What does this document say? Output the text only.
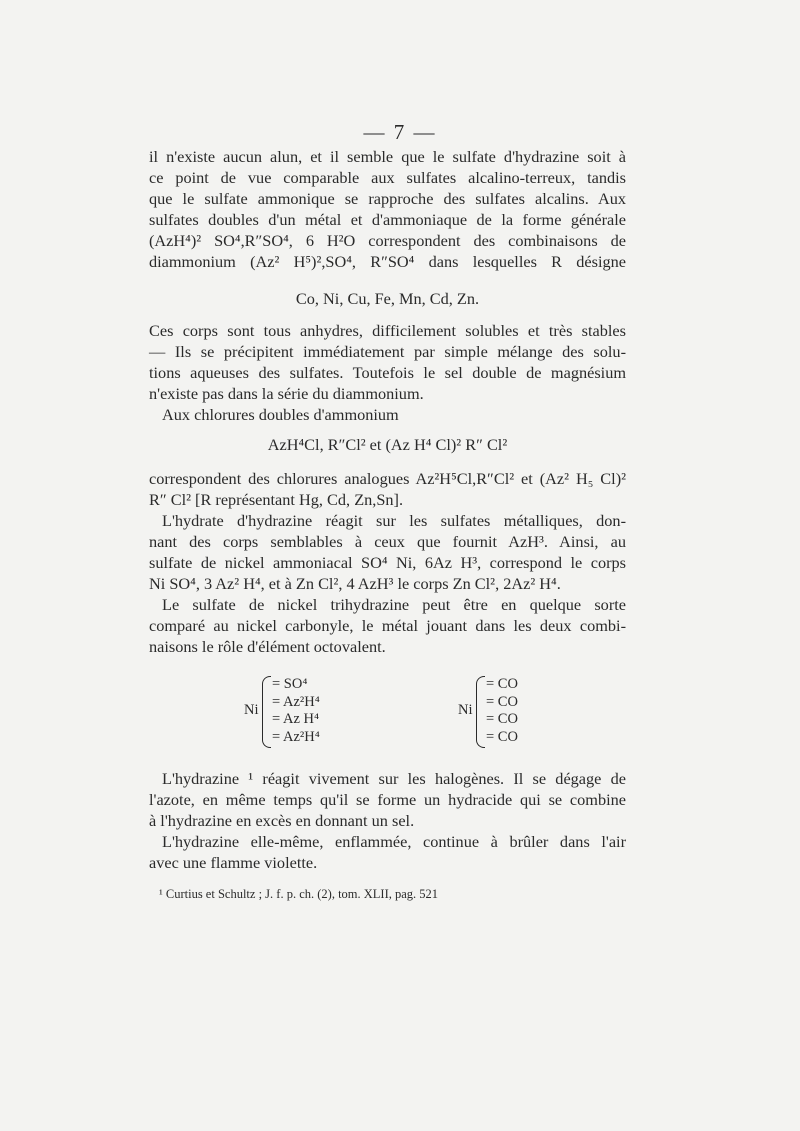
— 7 —
il n'existe aucun alun, et il semble que le sulfate d'hydrazine soit à
ce point de vue comparable aux sulfates alcalino-terreux, tandis
que le sulfate ammonique se rapproche des sulfates alcalins. Aux
sulfates doubles d'un métal et d'ammoniaque de la forme générale
(AzH⁴)² SO⁴,R″SO⁴, 6 H²O correspondent des combinaisons de
diammonium (Az² H⁵)²,SO⁴, R″SO⁴ dans lesquelles R désigne
Co, Ni, Cu, Fe, Mn, Cd, Zn.
Ces corps sont tous anhydres, difficilement solubles et très stables
— Ils se précipitent immédiatement par simple mélange des solu-
tions aqueuses des sulfates. Toutefois le sel double de magnésium
n'existe pas dans la série du diammonium.
Aux chlorures doubles d'ammonium
AzH⁴Cl, R″Cl² et (Az H⁴ Cl)² R″ Cl²
correspondent des chlorures analogues Az²H⁵Cl,R″Cl² et (Az² H₅ Cl)²
R″ Cl² [R représentant Hg, Cd, Zn,Sn].
L'hydrate d'hydrazine réagit sur les sulfates métalliques, don-
nant des corps semblables à ceux que fournit AzH³. Ainsi, au
sulfate de nickel ammoniacal SO⁴ Ni, 6Az H³, correspond le corps
Ni SO⁴, 3 Az² H⁴, et à Zn Cl², 4 AzH³ le corps Zn Cl², 2Az² H⁴.
Le sulfate de nickel trihydrazine peut être en quelque sorte
comparé au nickel carbonyle, le métal jouant dans les deux combi-
naisons le rôle d'élément octovalent.
Ni
= SO⁴
= Az²H⁴
= Az H⁴
= Az²H⁴
Ni
= CO
= CO
= CO
= CO
L'hydrazine ¹ réagit vivement sur les halogènes. Il se dégage de
l'azote, en même temps qu'il se forme un hydracide qui se combine
à l'hydrazine en excès en donnant un sel.
L'hydrazine elle-même, enflammée, continue à brûler dans l'air
avec une flamme violette.
¹ Curtius et Schultz ; J. f. p. ch. (2), tom. XLII, pag. 521
